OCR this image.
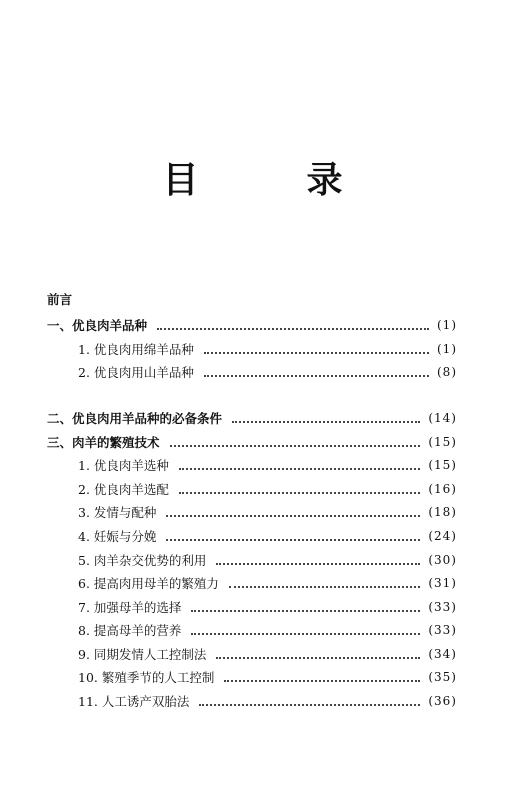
目　录
前言
一、优良肉羊品种	(1)
1. 优良肉用绵羊品种	(1)
2. 优良肉用山羊品种	(8)
二、优良肉用羊品种的必备条件	(14)
三、肉羊的繁殖技术	(15)
1. 优良肉羊选种	(15)
2. 优良肉羊选配	(16)
3. 发情与配种	(18)
4. 妊娠与分娩	(24)
5. 肉羊杂交优势的利用	(30)
6. 提高肉用母羊的繁殖力	(31)
7. 加强母羊的选择	(33)
8. 提高母羊的营养	(33)
9. 同期发情人工控制法	(34)
10. 繁殖季节的人工控制	(35)
11. 人工诱产双胎法	(36)
